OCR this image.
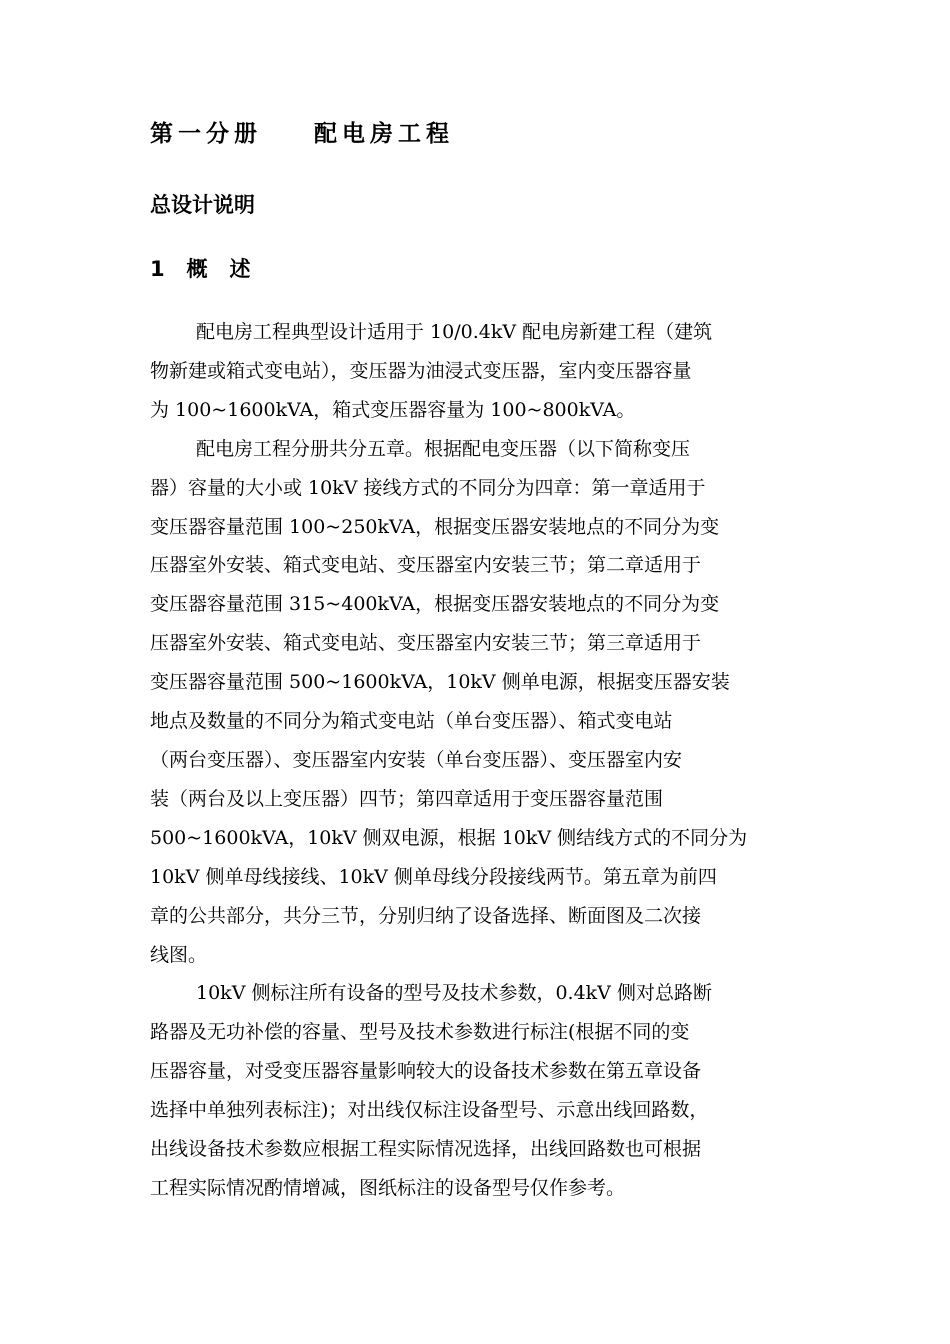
第一分册    配电房工程
总设计说明
1   概   述

配电房工程典型设计适用于 10/0.4kV 配电房新建工程（建筑
物新建或箱式变电站），变压器为油浸式变压器，室内变压器容量
为 100~1600kVA，箱式变压器容量为 100~800kVA。

配电房工程分册共分五章。根据配电变压器（以下简称变压
器）容量的大小或 10kV 接线方式的不同分为四章：第一章适用于
变压器容量范围 100~250kVA，根据变压器安装地点的不同分为变
压器室外安装、箱式变电站、变压器室内安装三节；第二章适用于
变压器容量范围 315~400kVA，根据变压器安装地点的不同分为变
压器室外安装、箱式变电站、变压器室内安装三节；第三章适用于
变压器容量范围 500~1600kVA，10kV 侧单电源，根据变压器安装
地点及数量的不同分为箱式变电站（单台变压器）、箱式变电站
（两台变压器）、变压器室内安装（单台变压器）、变压器室内安
装（两台及以上变压器）四节；第四章适用于变压器容量范围
500~1600kVA，10kV 侧双电源，根据 10kV 侧结线方式的不同分为
10kV 侧单母线接线、10kV 侧单母线分段接线两节。第五章为前四
章的公共部分，共分三节，分别归纳了设备选择、断面图及二次接
线图。

10kV 侧标注所有设备的型号及技术参数，0.4kV 侧对总路断
路器及无功补偿的容量、型号及技术参数进行标注(根据不同的变
压器容量，对受变压器容量影响较大的设备技术参数在第五章设备
选择中单独列表标注)；对出线仅标注设备型号、示意出线回路数，
出线设备技术参数应根据工程实际情况选择，出线回路数也可根据
工程实际情况酌情增减，图纸标注的设备型号仅作参考。
